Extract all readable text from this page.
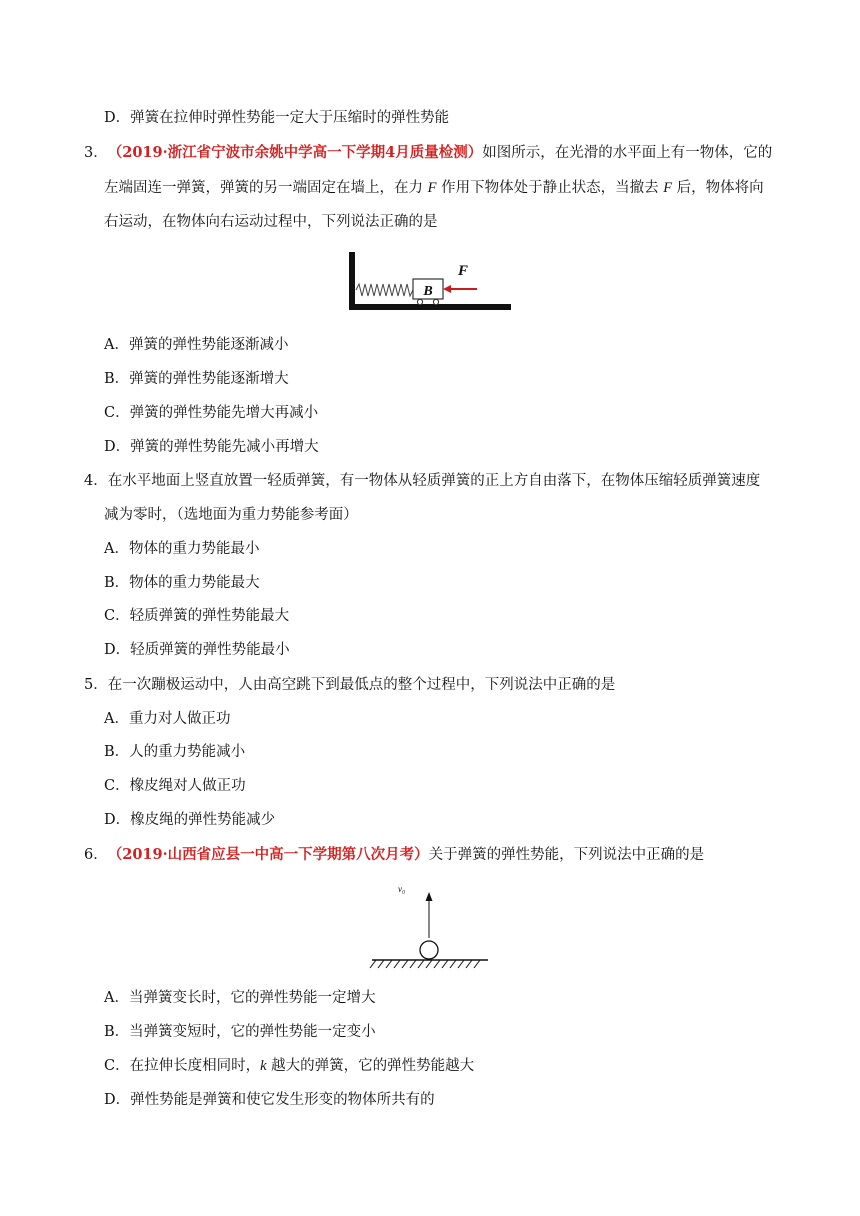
D．弹簧在拉伸时弹性势能一定大于压缩时的弹性势能
3．（2019·浙江省宁波市余姚中学高一下学期4月质量检测）如图所示，在光滑的水平面上有一物体，它的
左端固连一弹簧，弹簧的另一端固定在墙上，在力 F 作用下物体处于静止状态，当撤去 F 后，物体将向
右运动，在物体向右运动过程中，下列说法正确的是
B
F
A．弹簧的弹性势能逐渐减小
B．弹簧的弹性势能逐渐增大
C．弹簧的弹性势能先增大再减小
D．弹簧的弹性势能先减小再增大
4．在水平地面上竖直放置一轻质弹簧，有一物体从轻质弹簧的正上方自由落下，在物体压缩轻质弹簧速度
减为零时，（选地面为重力势能参考面）
A．物体的重力势能最小
B．物体的重力势能最大
C．轻质弹簧的弹性势能最大
D．轻质弹簧的弹性势能最小
5．在一次蹦极运动中，人由高空跳下到最低点的整个过程中，下列说法中正确的是
A．重力对人做正功
B．人的重力势能减小
C．橡皮绳对人做正功
D．橡皮绳的弹性势能减少
6．（2019·山西省应县一中高一下学期第八次月考）关于弹簧的弹性势能，下列说法中正确的是
v₀
A．当弹簧变长时，它的弹性势能一定增大
B．当弹簧变短时，它的弹性势能一定变小
C．在拉伸长度相同时，k 越大的弹簧，它的弹性势能越大
D．弹性势能是弹簧和使它发生形变的物体所共有的
